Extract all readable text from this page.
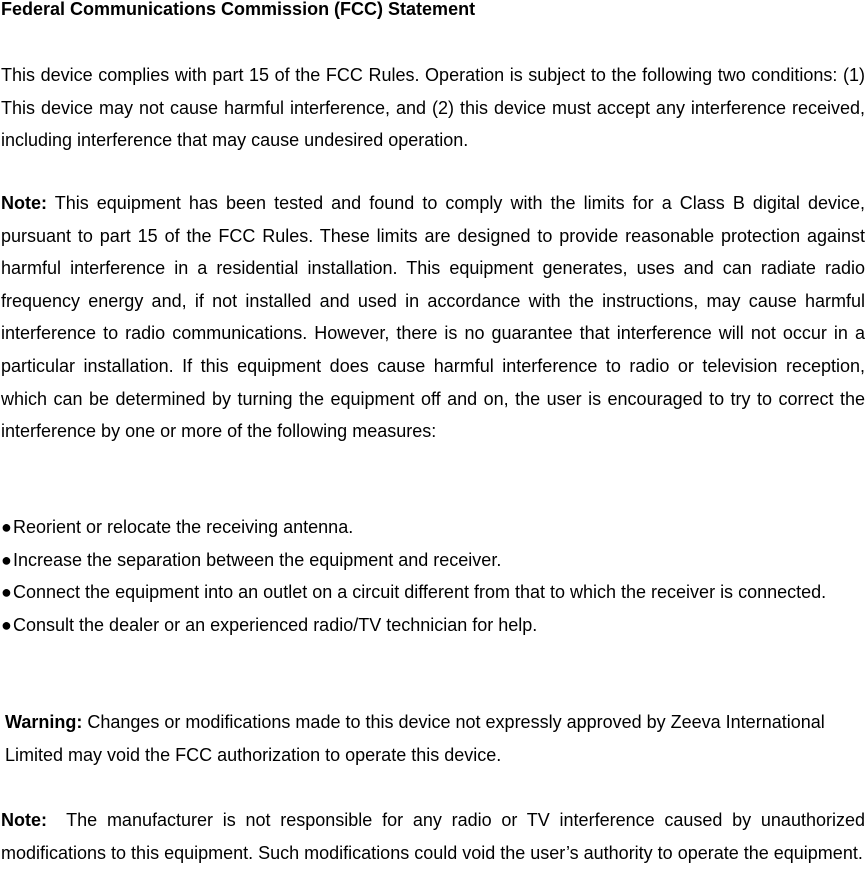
Federal Communications Commission (FCC) Statement

This device complies with part 15 of the FCC Rules. Operation is subject to the following two conditions: (1) This device may not cause harmful interference, and (2) this device must accept any interference received, including interference that may cause undesired operation.

Note: This equipment has been tested and found to comply with the limits for a Class B digital device, pursuant to part 15 of the FCC Rules. These limits are designed to provide reasonable protection against harmful interference in a residential installation. This equipment generates, uses and can radiate radio frequency energy and, if not installed and used in accordance with the instructions, may cause harmful interference to radio communications. However, there is no guarantee that interference will not occur in a particular installation. If this equipment does cause harmful interference to radio or television reception, which can be determined by turning the equipment off and on, the user is encouraged to try to correct the interference by one or more of the following measures:

● Reorient or relocate the receiving antenna.
● Increase the separation between the equipment and receiver.
● Connect the equipment into an outlet on a circuit different from that to which the receiver is connected.
● Consult the dealer or an experienced radio/TV technician for help.

Warning: Changes or modifications made to this device not expressly approved by Zeeva International Limited may void the FCC authorization to operate this device.

Note:  The manufacturer is not responsible for any radio or TV interference caused by unauthorized modifications to this equipment. Such modifications could void the user’s authority to operate the equipment.
